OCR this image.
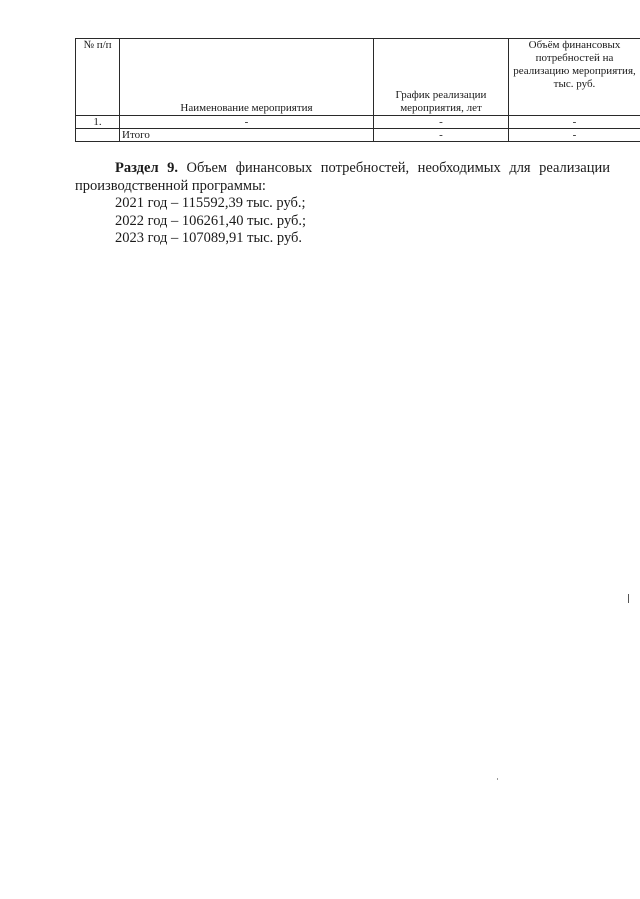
№ п/п	Наименование мероприятия	График реализации мероприятия, лет	Объём финансовых потребностей на реализацию мероприятия, тыс. руб.
1.	-	-	-
	Итого	-	-

Раздел 9. Объем финансовых потребностей, необходимых для реализации производственной программы:

2021 год – 115592,39 тыс. руб.;

2022 год – 106261,40 тыс. руб.;

2023 год – 107089,91 тыс. руб.
